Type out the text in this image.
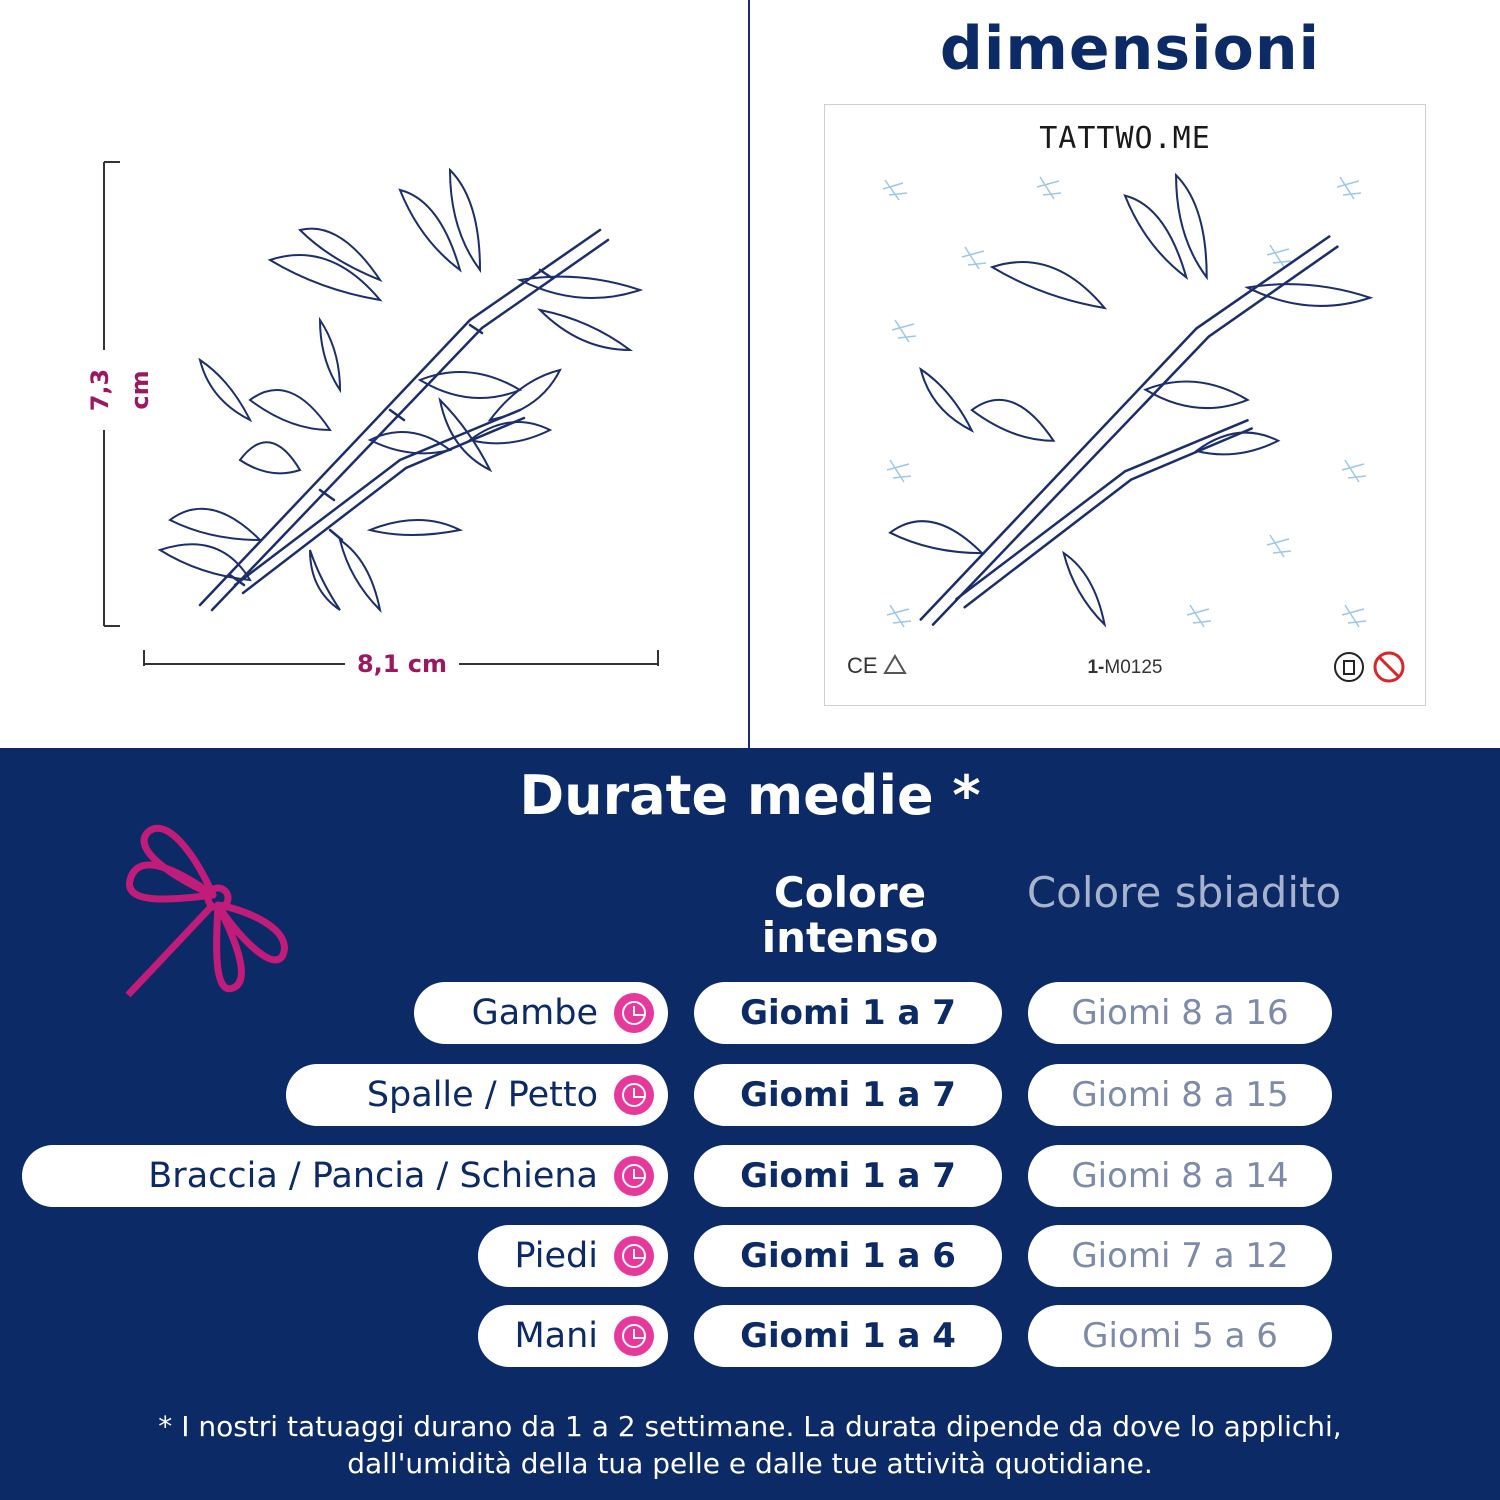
7,3 cm
8,1 cm
dimensioni
TATTWO.ME
CE	1-M0125
Durate medie *
Colore intenso
Colore sbiadito
Gambe	Giomi 1 a 7	Giomi 8 a 16
Spalle / Petto	Giomi 1 a 7	Giomi 8 a 15
Braccia / Pancia / Schiena	Giomi 1 a 7	Giomi 8 a 14
Piedi	Giomi 1 a 6	Giomi 7 a 12
Mani	Giomi 1 a 4	Giomi 5 a 6
* I nostri tatuaggi durano da 1 a 2 settimane. La durata dipende da dove lo applichi,
dall'umidità della tua pelle e dalle tue attività quotidiane.
